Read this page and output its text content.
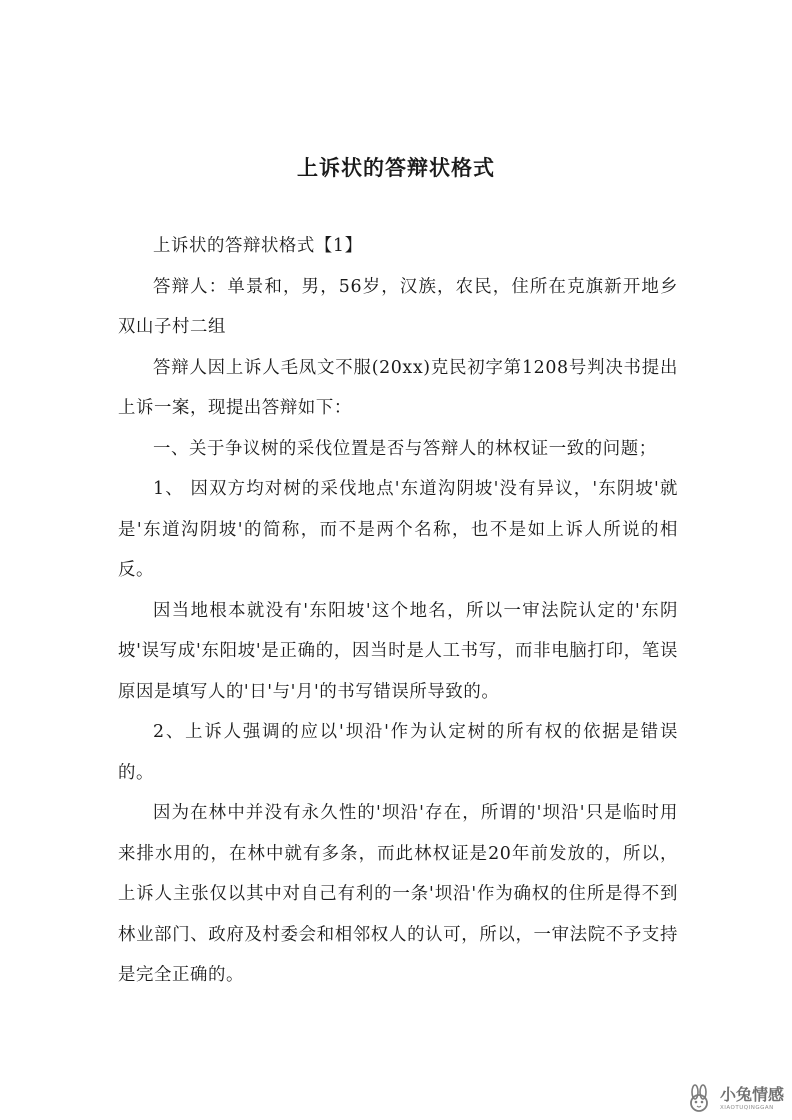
上诉状的答辩状格式

上诉状的答辩状格式【1】

答辩人：单景和，男，56岁，汉族，农民，住所在克旗新开地乡双山子村二组

答辩人因上诉人毛凤文不服(20xx)克民初字第1208号判决书提出上诉一案，现提出答辩如下：

一、关于争议树的采伐位置是否与答辩人的林权证一致的问题；

1、 因双方均对树的采伐地点'东道沟阴坡'没有异议，'东阴坡'就是'东道沟阴坡'的简称，而不是两个名称，也不是如上诉人所说的相反。

因当地根本就没有'东阳坡'这个地名，所以一审法院认定的'东阴坡'误写成'东阳坡'是正确的，因当时是人工书写，而非电脑打印，笔误原因是填写人的'日'与'月'的书写错误所导致的。

2、上诉人强调的应以'坝沿'作为认定树的所有权的依据是错误的。

因为在林中并没有永久性的'坝沿'存在，所谓的'坝沿'只是临时用来排水用的，在林中就有多条，而此林权证是20年前发放的，所以，上诉人主张仅以其中对自己有利的一条'坝沿'作为确权的住所是得不到林业部门、政府及村委会和相邻权人的认可，所以，一审法院不予支持是完全正确的。

小兔情感
XIAOTUQINGGAN
